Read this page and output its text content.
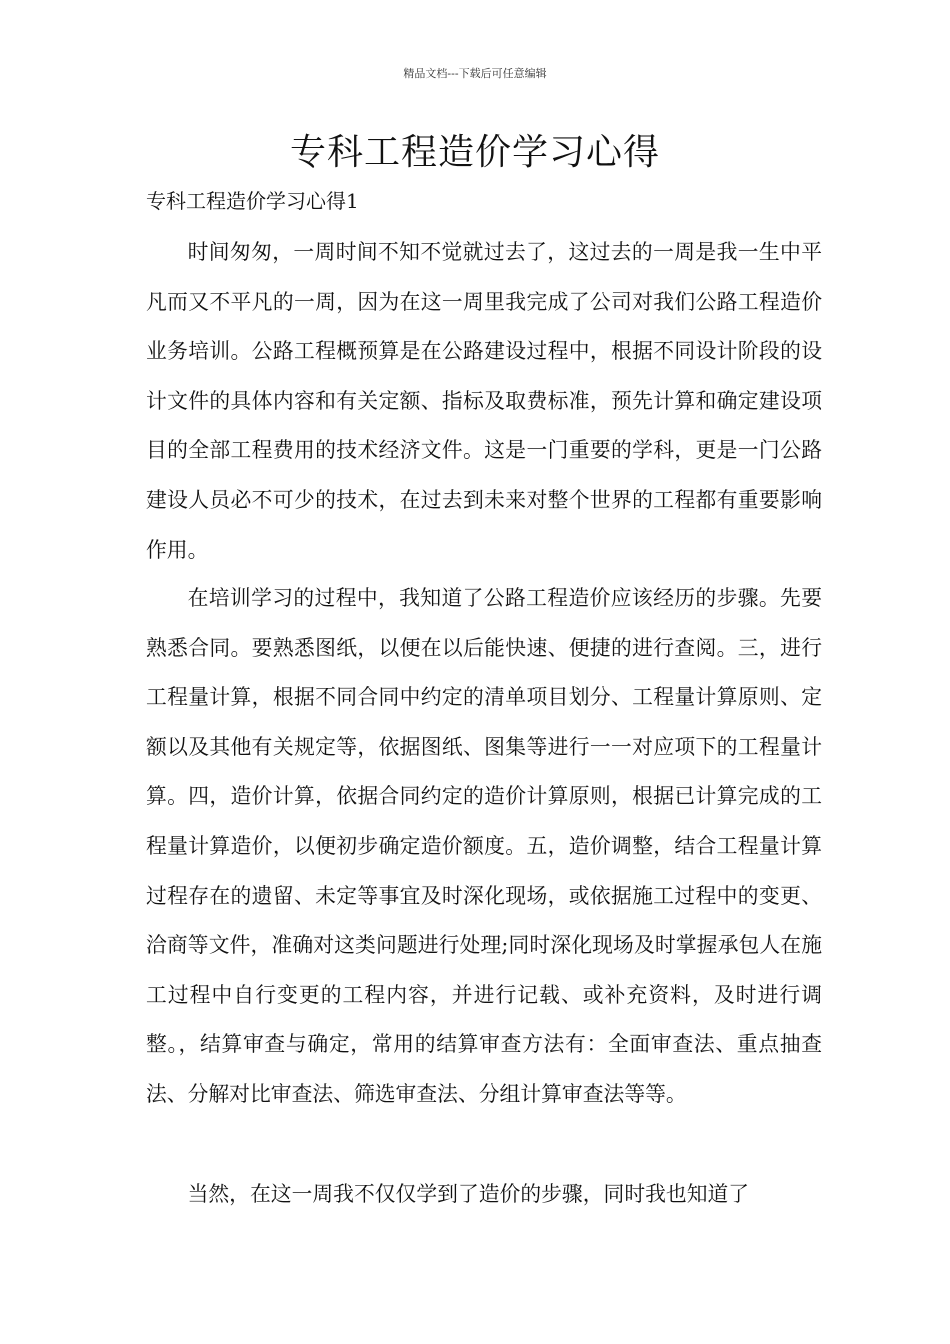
精品文档---下载后可任意编辑
专科工程造价学习心得
专科工程造价学习心得1

时间匆匆，一周时间不知不觉就过去了，这过去的一周是我一生中平凡而又不平凡的一周，因为在这一周里我完成了公司对我们公路工程造价业务培训。公路工程概预算是在公路建设过程中，根据不同设计阶段的设计文件的具体内容和有关定额、指标及取费标准，预先计算和确定建设项目的全部工程费用的技术经济文件。这是一门重要的学科，更是一门公路建设人员必不可少的技术，在过去到未来对整个世界的工程都有重要影响作用。

在培训学习的过程中，我知道了公路工程造价应该经历的步骤。先要熟悉合同。要熟悉图纸，以便在以后能快速、便捷的进行查阅。三，进行工程量计算，根据不同合同中约定的清单项目划分、工程量计算原则、定额以及其他有关规定等，依据图纸、图集等进行一一对应项下的工程量计算。四，造价计算，依据合同约定的造价计算原则，根据已计算完成的工程量计算造价，以便初步确定造价额度。五，造价调整，结合工程量计算过程存在的遗留、未定等事宜及时深化现场，或依据施工过程中的变更、洽商等文件，准确对这类问题进行处理;同时深化现场及时掌握承包人在施工过程中自行变更的工程内容，并进行记载、或补充资料，及时进行调整。，结算审查与确定，常用的结算审查方法有：全面审查法、重点抽查法、分解对比审查法、筛选审查法、分组计算审查法等等。

当然，在这一周我不仅仅学到了造价的步骤，同时我也知道了
